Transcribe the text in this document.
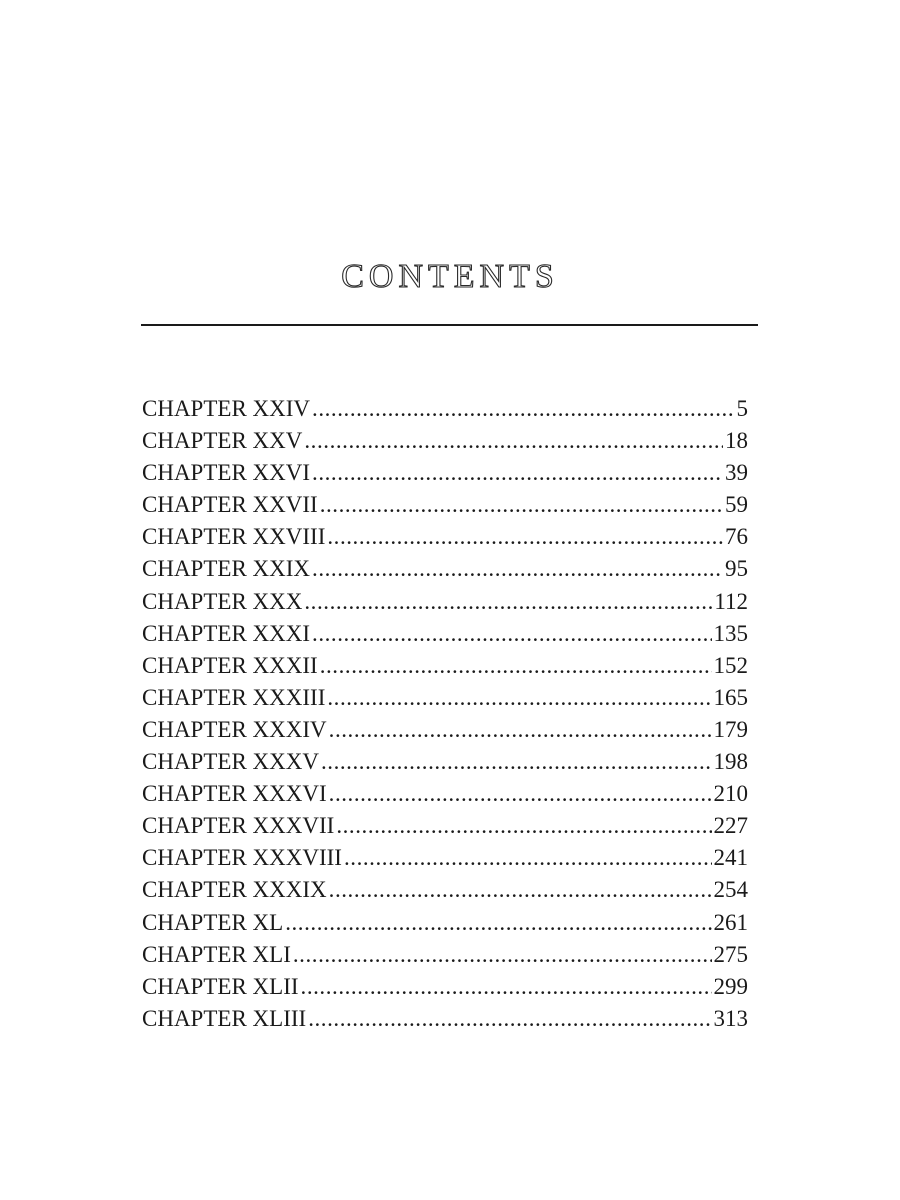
CONTENTS
CHAPTER XXIV . . .	5
CHAPTER XXV . . .	18
CHAPTER XXVI . . .	39
CHAPTER XXVII . . .	59
CHAPTER XXVIII . . .	76
CHAPTER XXIX . . .	95
CHAPTER XXX . . .	112
CHAPTER XXXI . . .	135
CHAPTER XXXII . . .	152
CHAPTER XXXIII . . .	165
CHAPTER XXXIV . . .	179
CHAPTER XXXV . . .	198
CHAPTER XXXVI . . .	210
CHAPTER XXXVII . . .	227
CHAPTER XXXVIII . . .	241
CHAPTER XXXIX . . .	254
CHAPTER XL . . .	261
CHAPTER XLI . . .	275
CHAPTER XLII . . .	299
CHAPTER XLIII . . .	313
